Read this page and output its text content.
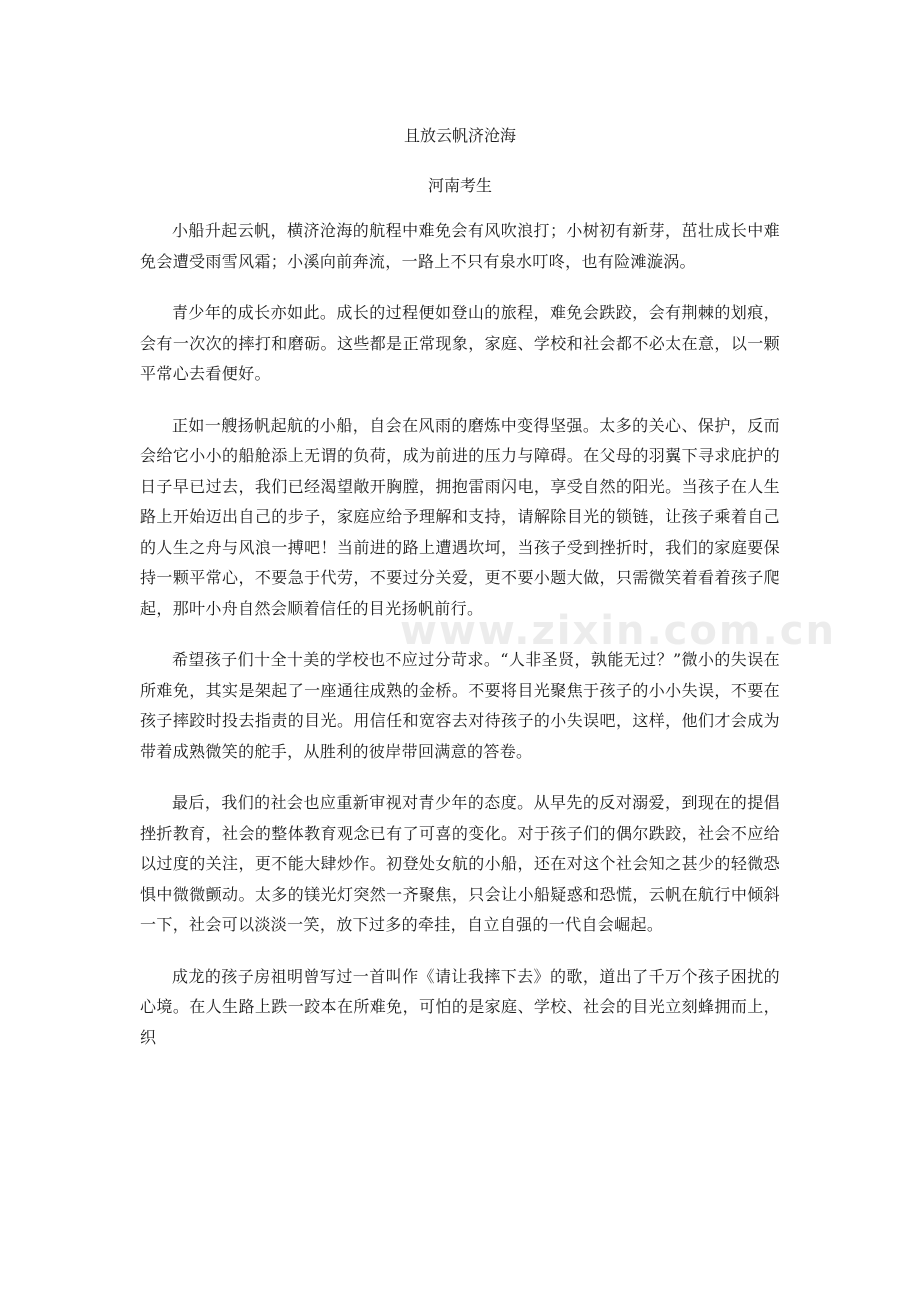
且放云帆济沧海
河南考生

小船升起云帆，横济沧海的航程中难免会有风吹浪打；小树初有新芽，茁壮成长中难免会遭受雨雪风霜；小溪向前奔流，一路上不只有泉水叮咚，也有险滩漩涡。

青少年的成长亦如此。成长的过程便如登山的旅程，难免会跌跤，会有荆棘的划痕，会有一次次的摔打和磨砺。这些都是正常现象，家庭、学校和社会都不必太在意，以一颗平常心去看便好。

正如一艘扬帆起航的小船，自会在风雨的磨炼中变得坚强。太多的关心、保护，反而会给它小小的船舱添上无谓的负荷，成为前进的压力与障碍。在父母的羽翼下寻求庇护的日子早已过去，我们已经渴望敞开胸膛，拥抱雷雨闪电，享受自然的阳光。当孩子在人生路上开始迈出自己的步子，家庭应给予理解和支持，请解除目光的锁链，让孩子乘着自己的人生之舟与风浪一搏吧！当前进的路上遭遇坎坷，当孩子受到挫折时，我们的家庭要保持一颗平常心，不要急于代劳，不要过分关爱，更不要小题大做，只需微笑着看着孩子爬起，那叶小舟自然会顺着信任的目光扬帆前行。

希望孩子们十全十美的学校也不应过分苛求。“人非圣贤，孰能无过？”微小的失误在所难免，其实是架起了一座通往成熟的金桥。不要将目光聚焦于孩子的小小失误，不要在孩子摔跤时投去指责的目光。用信任和宽容去对待孩子的小失误吧，这样，他们才会成为带着成熟微笑的舵手，从胜利的彼岸带回满意的答卷。

最后，我们的社会也应重新审视对青少年的态度。从早先的反对溺爱，到现在的提倡挫折教育，社会的整体教育观念已有了可喜的变化。对于孩子们的偶尔跌跤，社会不应给以过度的关注，更不能大肆炒作。初登处女航的小船，还在对这个社会知之甚少的轻微恐惧中微微颤动。太多的镁光灯突然一齐聚焦，只会让小船疑惑和恐慌，云帆在航行中倾斜一下，社会可以淡淡一笑，放下过多的牵挂，自立自强的一代自会崛起。

成龙的孩子房祖明曾写过一首叫作《请让我摔下去》的歌，道出了千万个孩子困扰的心境。在人生路上跌一跤本在所难免，可怕的是家庭、学校、社会的目光立刻蜂拥而上，织

www.zixin.com.cn
